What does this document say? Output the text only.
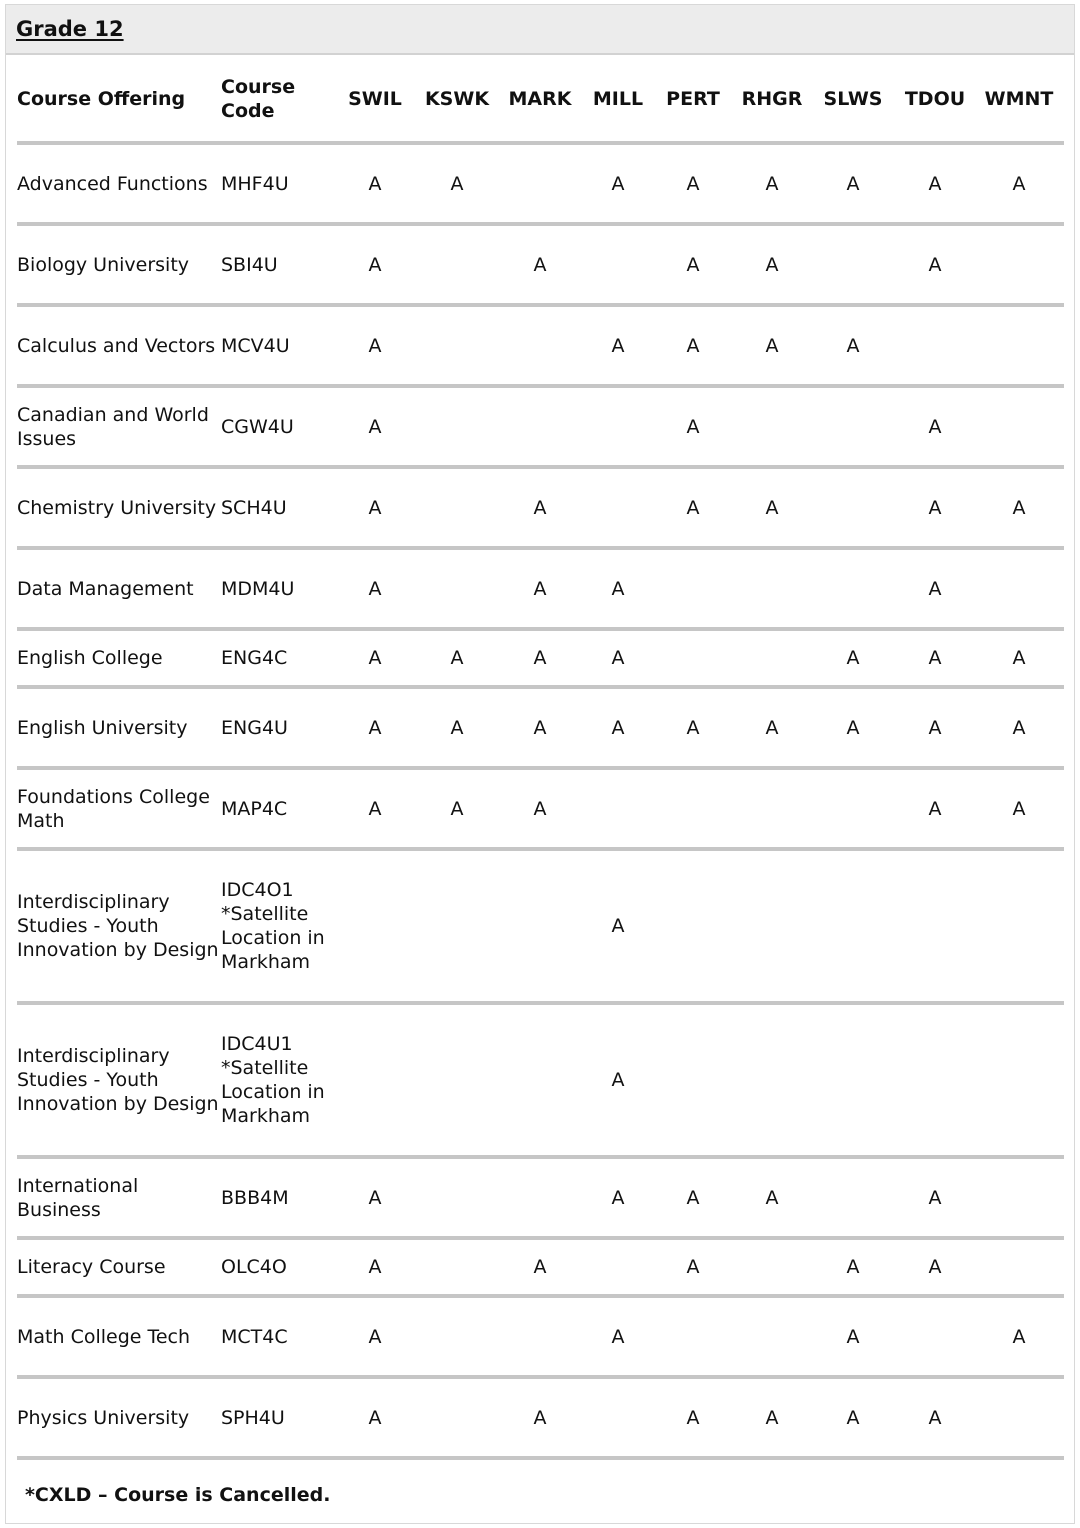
Grade 12
Course Offering	Course Code	SWIL	KSWK	MARK	MILL	PERT	RHGR	SLWS	TDOU	WMNT
Advanced Functions	MHF4U	A	A		A	A	A	A	A	A
Biology University	SBI4U	A		A		A	A		A	
Calculus and Vectors	MCV4U	A			A	A	A	A		
Canadian and World Issues	CGW4U	A				A			A	
Chemistry University	SCH4U	A		A		A	A		A	A
Data Management	MDM4U	A		A	A				A	
English College	ENG4C	A	A	A	A			A	A	A
English University	ENG4U	A	A	A	A	A	A	A	A	A
Foundations College Math	MAP4C	A	A	A					A	A
Interdisciplinary Studies - Youth Innovation by Design	IDC4O1 *Satellite Location in Markham				A					
Interdisciplinary Studies - Youth Innovation by Design	IDC4U1 *Satellite Location in Markham				A					
International Business	BBB4M	A			A	A	A		A	
Literacy Course	OLC4O	A		A		A		A	A	
Math College Tech	MCT4C	A			A			A		A
Physics University	SPH4U	A		A		A	A	A	A	
*CXLD – Course is Cancelled.
